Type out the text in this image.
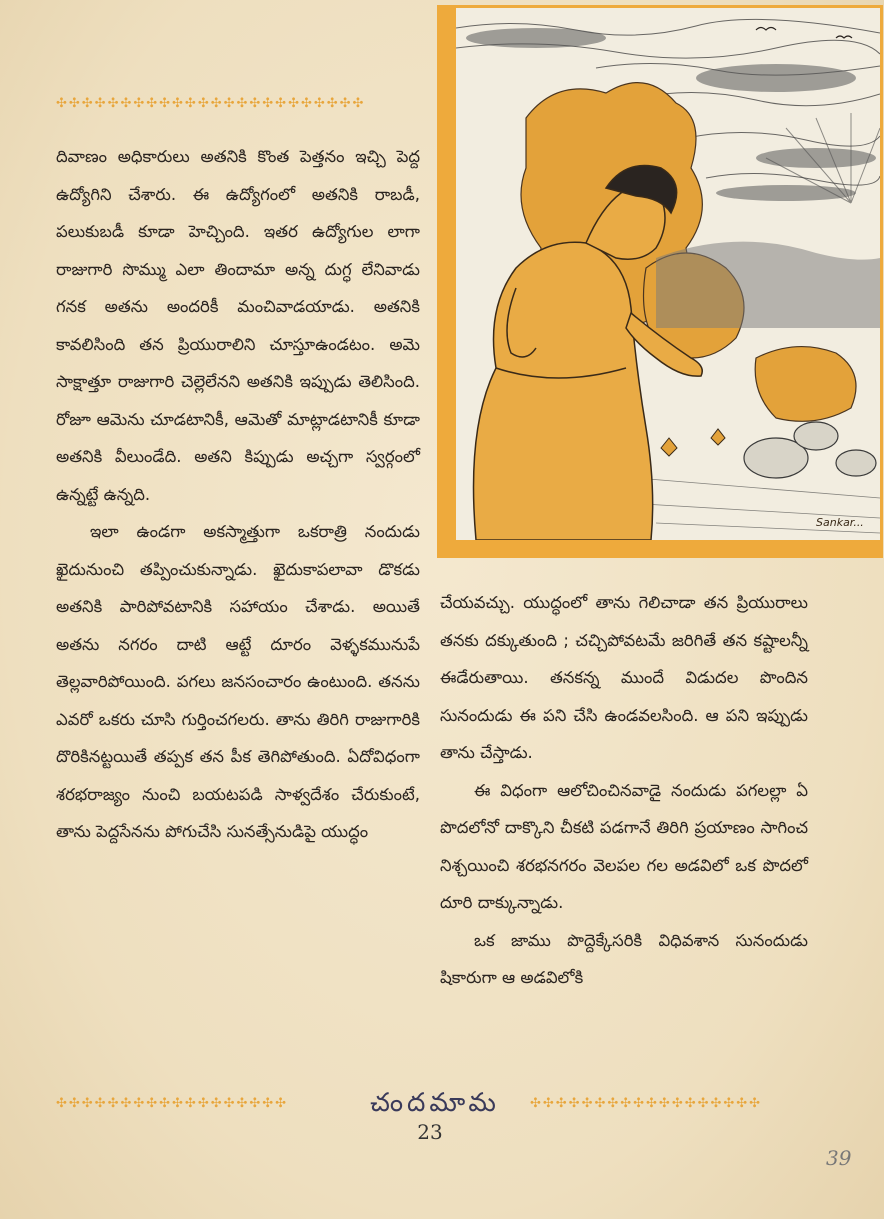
✣✣✣✣✣✣✣✣✣✣✣✣✣✣✣✣✣✣✣✣✣✣✣✣
Sankar...

దివాణం అధికారులు అతనికి కొంత పెత్తనం ఇచ్చి పెద్ద ఉద్యోగిని చేశారు. ఈ ఉద్యోగంలో అతనికి రాబడీ, పలుకుబడీ కూడా హెచ్చింది. ఇతర ఉద్యోగుల లాగా రాజుగారి సొమ్ము ఎలా తిందామా అన్న దుగ్ధ లేనివాడు గనక అతను అందరికీ మంచివాడయాడు. అతనికి కావలిసింది తన ప్రియురాలిని చూస్తూఉండటం. అమె సాక్షాత్తూ రాజుగారి చెల్లెలేనని అతనికి ఇప్పుడు తెలిసింది. రోజూ ఆమెను చూడటానికీ, ఆమెతో మాట్లాడటానికీ కూడా అతనికి వీలుండేది. అతని కిప్పుడు అచ్చగా స్వర్గంలో ఉన్నట్టే ఉన్నది.

ఇలా ఉండగా అకస్మాత్తుగా ఒకరాత్రి నందుడు ఖైదునుంచి తప్పించుకున్నాడు. ఖైదుకాపలావా డొకడు అతనికి పారిపోవటానికి సహాయం చేశాడు. అయితే అతను నగరం దాటి ఆట్టే దూరం వెళ్ళకమునుపే తెల్లవారిపోయింది. పగలు జనసంచారం ఉంటుంది. తనను ఎవరో ఒకరు చూసి గుర్తించగలరు. తాను తిరిగి రాజుగారికి దొరికినట్టయితే తప్పక తన పీక తెగిపోతుంది. ఏదోవిధంగా శరభరాజ్యం నుంచి బయటపడి సాళ్వదేశం చేరుకుంటే, తాను పెద్దసేనను పోగుచేసి సునత్సేనుడిపై యుద్ధం

చేయవచ్చు. యుద్ధంలో తాను గెలిచాడా తన ప్రియురాలు తనకు దక్కుతుంది ; చచ్చిపోవటమే జరిగితే తన కష్టాలన్నీ ఈడేరుతాయి. తనకన్న ముందే విడుదల పొందిన సునందుడు ఈ పని చేసి ఉండవలసింది. ఆ పని ఇప్పుడు తాను చేస్తాడు.

ఈ విధంగా ఆలోచించినవాడై నందుడు పగలల్లా ఏ పొదలోనో దాక్కొని చీకటి పడగానే తిరిగి ప్రయాణం సాగించ నిశ్చయించి శరభనగరం వెలపల గల అడవిలో ఒక పొదలో దూరి దాక్కున్నాడు.

ఒక జాము పొద్దెక్కేసరికి విధివశాన సునందుడు షికారుగా ఆ అడవిలోకి

✣✣✣✣✣✣✣✣✣✣✣✣✣✣✣✣✣✣	✣✣✣✣✣✣✣✣✣✣✣✣✣✣✣✣✣✣
చందమామ
23
39
